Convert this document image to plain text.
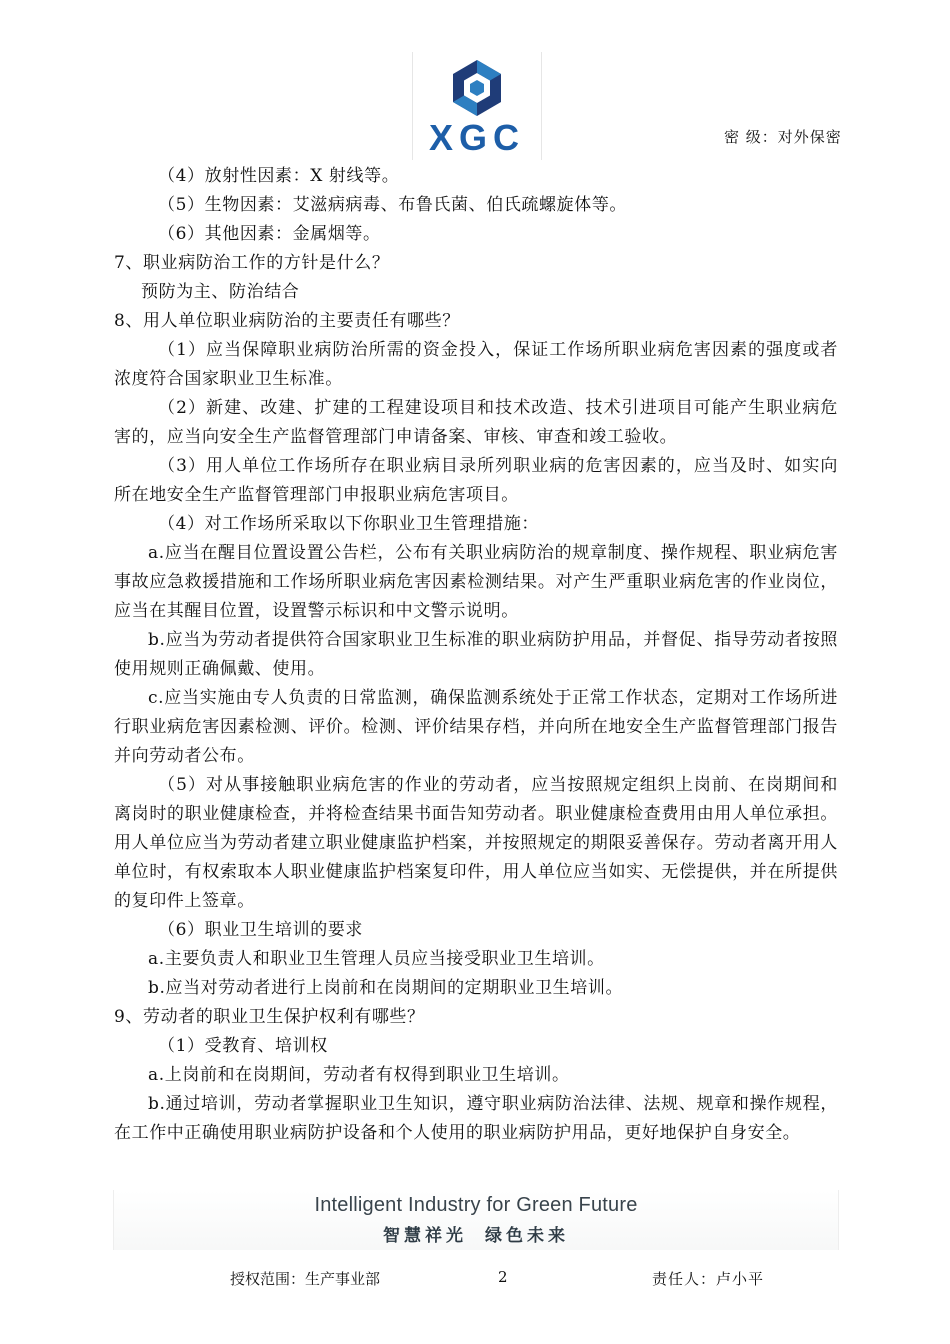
XGC	密 级：对外保密

（4）放射性因素：X 射线等。

（5）生物因素：艾滋病病毒、布鲁氏菌、伯氏疏螺旋体等。

（6）其他因素：金属烟等。

7、职业病防治工作的方针是什么？

预防为主、防治结合

8、用人单位职业病防治的主要责任有哪些？

（1）应当保障职业病防治所需的资金投入，保证工作场所职业病危害因素的强度或者浓度符合国家职业卫生标准。

（2）新建、改建、扩建的工程建设项目和技术改造、技术引进项目可能产生职业病危害的，应当向安全生产监督管理部门申请备案、审核、审查和竣工验收。

（3）用人单位工作场所存在职业病目录所列职业病的危害因素的，应当及时、如实向所在地安全生产监督管理部门申报职业病危害项目。

（4）对工作场所采取以下你职业卫生管理措施：

a.应当在醒目位置设置公告栏，公布有关职业病防治的规章制度、操作规程、职业病危害事故应急救援措施和工作场所职业病危害因素检测结果。对产生严重职业病危害的作业岗位，应当在其醒目位置，设置警示标识和中文警示说明。

b.应当为劳动者提供符合国家职业卫生标准的职业病防护用品，并督促、指导劳动者按照使用规则正确佩戴、使用。

c.应当实施由专人负责的日常监测，确保监测系统处于正常工作状态，定期对工作场所进行职业病危害因素检测、评价。检测、评价结果存档，并向所在地安全生产监督管理部门报告并向劳动者公布。

（5）对从事接触职业病危害的作业的劳动者，应当按照规定组织上岗前、在岗期间和离岗时的职业健康检查，并将检查结果书面告知劳动者。职业健康检查费用由用人单位承担。用人单位应当为劳动者建立职业健康监护档案，并按照规定的期限妥善保存。劳动者离开用人单位时，有权索取本人职业健康监护档案复印件，用人单位应当如实、无偿提供，并在所提供的复印件上签章。

（6）职业卫生培训的要求

a.主要负责人和职业卫生管理人员应当接受职业卫生培训。

b.应当对劳动者进行上岗前和在岗期间的定期职业卫生培训。

9、劳动者的职业卫生保护权利有哪些？

（1）受教育、培训权

a.上岗前和在岗期间，劳动者有权得到职业卫生培训。

b.通过培训，劳动者掌握职业卫生知识，遵守职业病防治法律、法规、规章和操作规程，在工作中正确使用职业病防护设备和个人使用的职业病防护用品，更好地保护自身安全。

Intelligent Industry for Green Future
智慧祥光 绿色未来
授权范围：生产事业部	2	责任人：卢小平
